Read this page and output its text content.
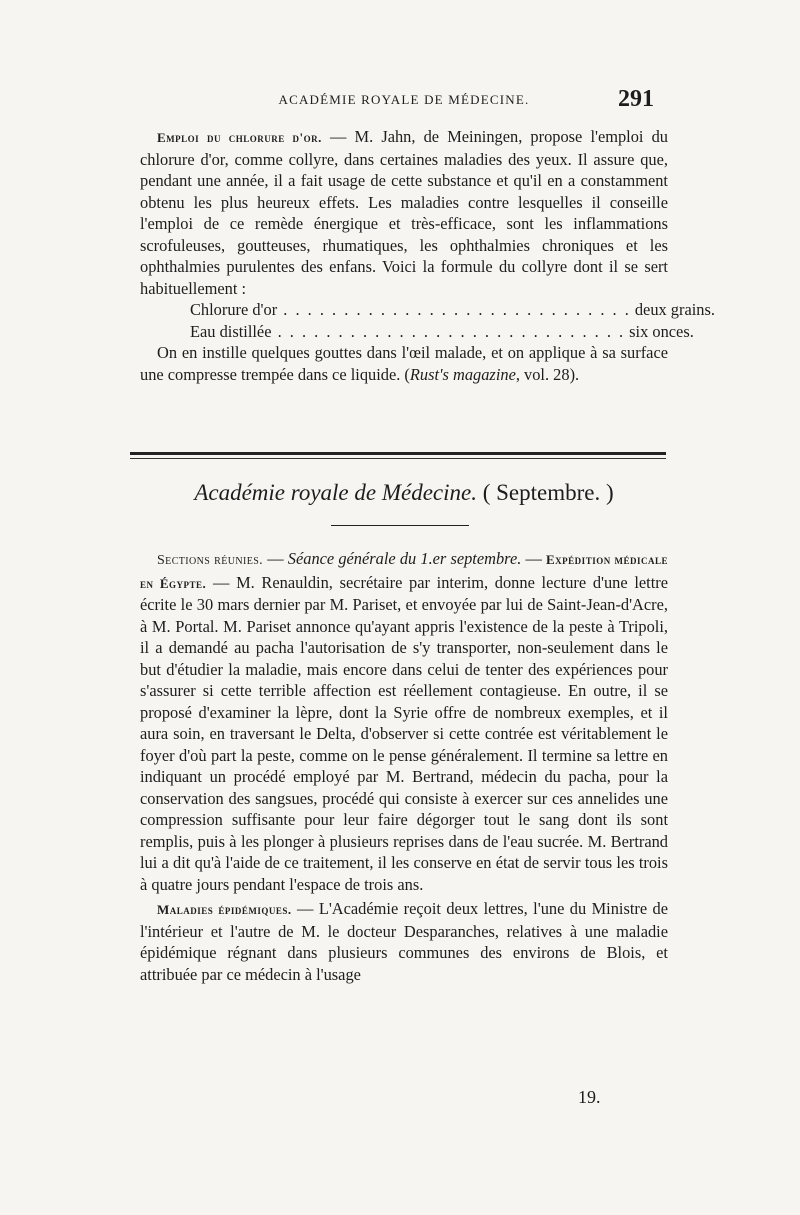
ACADÉMIE ROYALE DE MÉDECINE.	291

Emploi du chlorure d'or. — M. Jahn, de Meiningen, propose l'emploi du chlorure d'or, comme collyre, dans certaines maladies des yeux. Il assure que, pendant une année, il a fait usage de cette substance et qu'il en a constamment obtenu les plus heureux effets. Les maladies contre lesquelles il conseille l'emploi de ce remède énergique et très-efficace, sont les inflammations scrofuleuses, goutteuses, rhumatiques, les ophthalmies chroniques et les ophthalmies purulentes des enfans. Voici la formule du collyre dont il se sert habituellement :

Chlorure d'or . . . . . . . . . . . . . . . . . . . . . . . . . . . . . deux grains.
Eau distillée . . . . . . . . . . . . . . . . . . . . . . . . . . . . . six onces.

On en instille quelques gouttes dans l'œil malade, et on applique à sa surface une compresse trempée dans ce liquide. (Rust's magazine, vol. 28).

Académie royale de Médecine. ( Septembre. )

Sections réunies. — Séance générale du 1.er septembre. — Expédition médicale en Égypte. — M. Renauldin, secrétaire par interim, donne lecture d'une lettre écrite le 30 mars dernier par M. Pariset, et envoyée par lui de Saint-Jean-d'Acre, à M. Portal. M. Pariset annonce qu'ayant appris l'existence de la peste à Tripoli, il a demandé au pacha l'autorisation de s'y transporter, non-seulement dans le but d'étudier la maladie, mais encore dans celui de tenter des expériences pour s'assurer si cette terrible affection est réellement contagieuse. En outre, il se proposé d'examiner la lèpre, dont la Syrie offre de nombreux exemples, et il aura soin, en traversant le Delta, d'observer si cette contrée est véritablement le foyer d'où part la peste, comme on le pense généralement. Il termine sa lettre en indiquant un procédé employé par M. Bertrand, médecin du pacha, pour la conservation des sangsues, procédé qui consiste à exercer sur ces annelides une compression suffisante pour leur faire dégorger tout le sang dont ils sont remplis, puis à les plonger à plusieurs reprises dans de l'eau sucrée. M. Bertrand lui a dit qu'à l'aide de ce traitement, il les conserve en état de servir tous les trois à quatre jours pendant l'espace de trois ans.

Maladies épidémiques. — L'Académie reçoit deux lettres, l'une du Ministre de l'intérieur et l'autre de M. le docteur Desparanches, relatives à une maladie épidémique régnant dans plusieurs communes des environs de Blois, et attribuée par ce médecin à l'usage

19.
